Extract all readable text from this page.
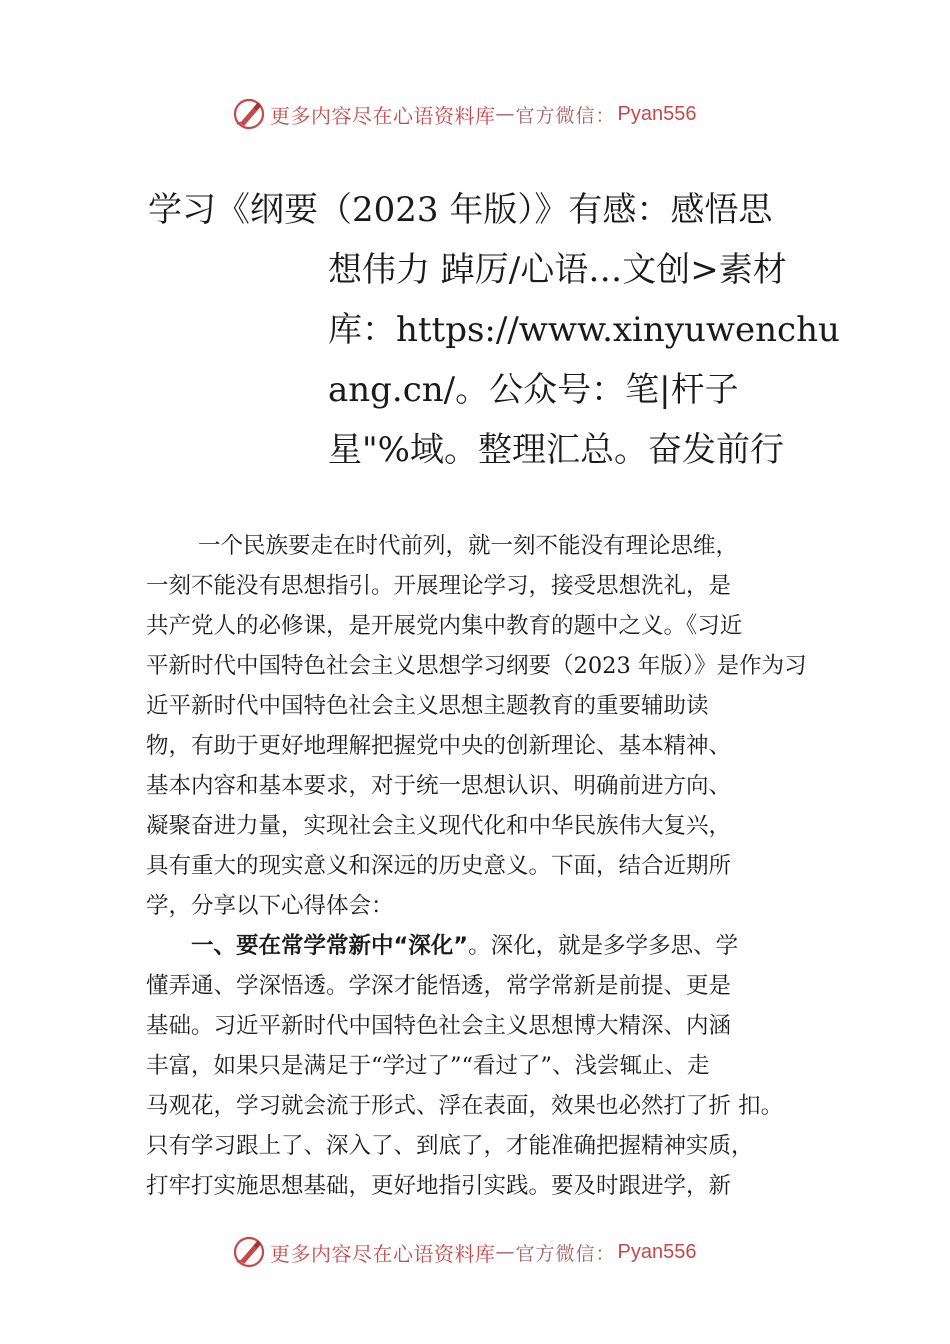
更多内容尽在心语资料库 — 官方微信： Pyan556
学习《纲要（2023 年版）》有感：感悟思
想伟力 踔厉/心语…文创>素材
库：https://www.xinyuwenchu
ang.cn/。公众号：笔|杆子
星"%域。整理汇总。奋发前行
一个民族要走在时代前列，就一刻不能没有理论思维，
一刻不能没有思想指引。开展理论学习，接受思想洗礼，是
共产党人的必修课，是开展党内集中教育的题中之义。《习近
平新时代中国特色社会主义思想学习纲要（2023 年版）》是作为习
近平新时代中国特色社会主义思想主题教育的重要辅助读
物，有助于更好地理解把握党中央的创新理论、基本精神、
基本内容和基本要求，对于统一思想认识、明确前进方向、
凝聚奋进力量，实现社会主义现代化和中华民族伟大复兴，
具有重大的现实意义和深远的历史意义。下面，结合近期所
学，分享以下心得体会：
一、要在常学常新中“深化”。深化，就是多学多思、学
懂弄通、学深悟透。学深才能悟透，常学常新是前提、更是
基础。习近平新时代中国特色社会主义思想博大精深、内涵
丰富，如果只是满足于“学过了”“看过了”、浅尝辄止、走
马观花，学习就会流于形式、浮在表面，效果也必然打了折 扣。
只有学习跟上了、深入了、到底了，才能准确把握精神实质，
打牢打实施思想基础，更好地指引实践。要及时跟进学，新
更多内容尽在心语资料库 — 官方微信： Pyan556
